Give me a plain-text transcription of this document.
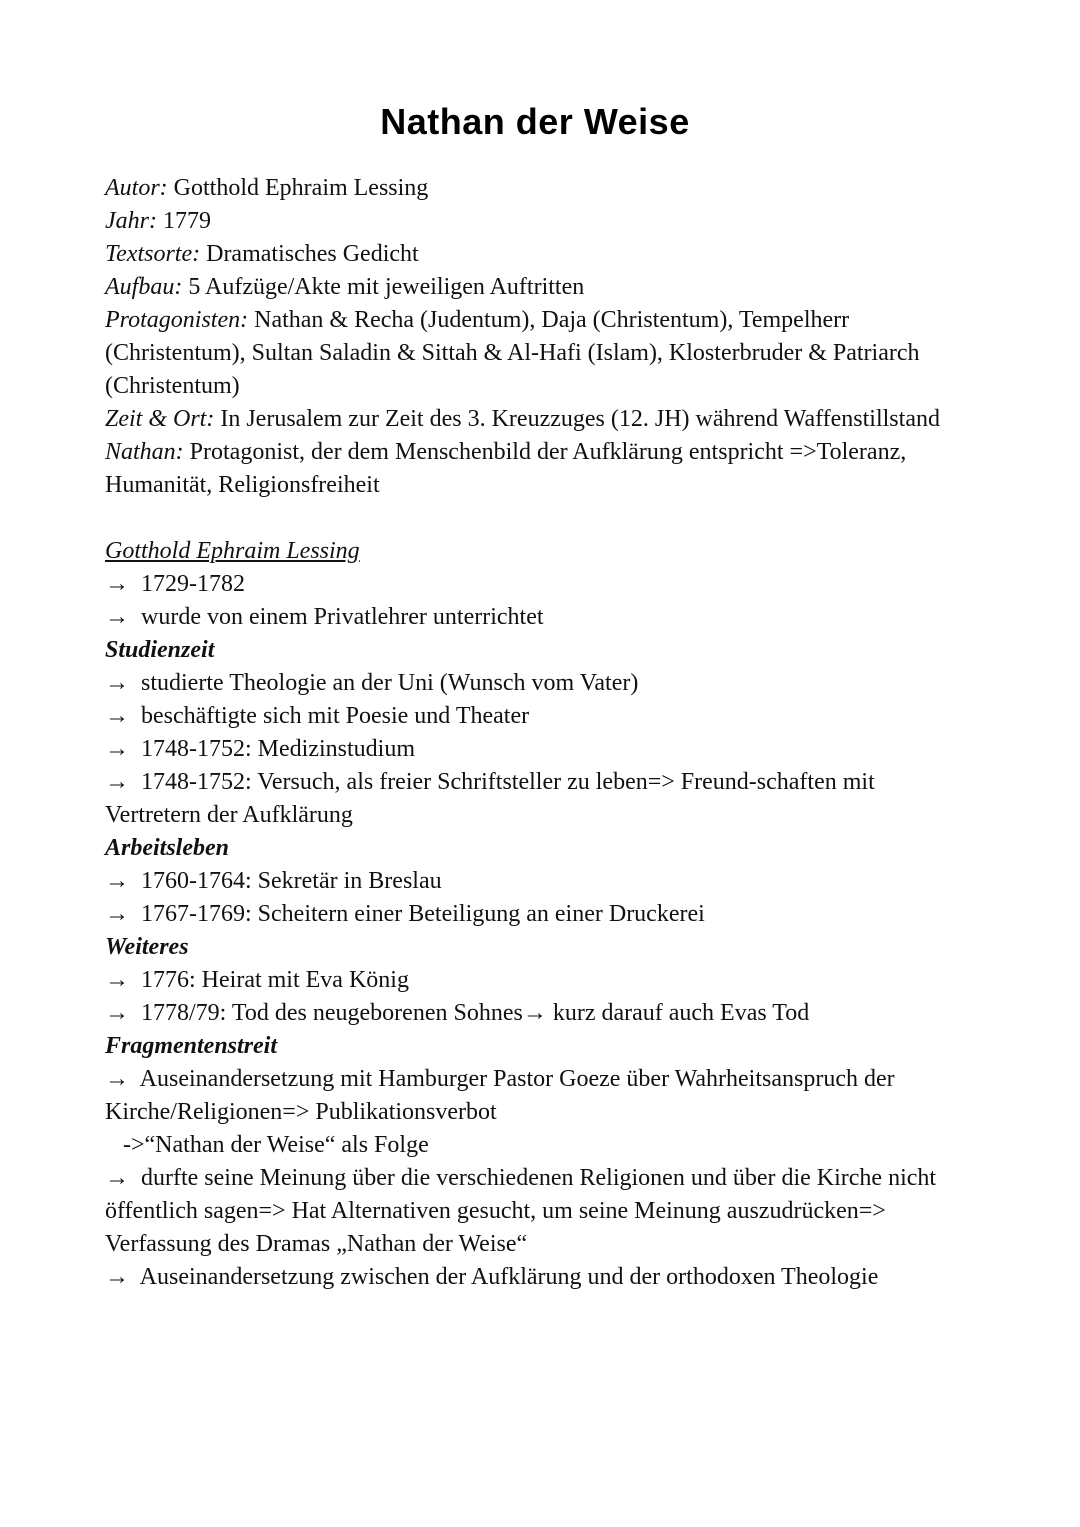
Nathan der Weise

Autor: Gotthold Ephraim Lessing

Jahr: 1779

Textsorte: Dramatisches Gedicht

Aufbau: 5 Aufzüge/Akte mit jeweiligen Auftritten

Protagonisten: Nathan & Recha (Judentum), Daja (Christentum), Tempelherr (Christentum), Sultan Saladin & Sittah & Al-Hafi (Islam), Klosterbruder & Patriarch (Christentum)

Zeit & Ort: In Jerusalem zur Zeit des 3. Kreuzzuges (12. JH) während Waffenstillstand

Nathan: Protagonist, der dem Menschenbild der Aufklärung entspricht =>Toleranz, Humanität, Religionsfreiheit

Gotthold Ephraim Lessing

→ 1729-1782

→ wurde von einem Privatlehrer unterrichtet

Studienzeit

→ studierte Theologie an der Uni (Wunsch vom Vater)

→ beschäftigte sich mit Poesie und Theater

→ 1748-1752: Medizinstudium

→ 1748-1752: Versuch, als freier Schriftsteller zu leben=> Freund-schaften mit Vertretern der Aufklärung

Arbeitsleben

→ 1760-1764: Sekretär in Breslau

→ 1767-1769: Scheitern einer Beteiligung an einer Druckerei

Weiteres

→ 1776: Heirat mit Eva König

→ 1778/79: Tod des neugeborenen Sohnes→ kurz darauf auch Evas Tod

Fragmentenstreit

→ Auseinandersetzung mit Hamburger Pastor Goeze über Wahrheitsanspruch der Kirche/Religionen=> Publikationsverbot

->“Nathan der Weise“ als Folge

→ durfte seine Meinung über die verschiedenen Religionen und über die Kirche nicht öffentlich sagen=> Hat Alternativen gesucht, um seine Meinung auszudrücken=> Verfassung des Dramas „Nathan der Weise“

→ Auseinandersetzung zwischen der Aufklärung und der orthodoxen Theologie
